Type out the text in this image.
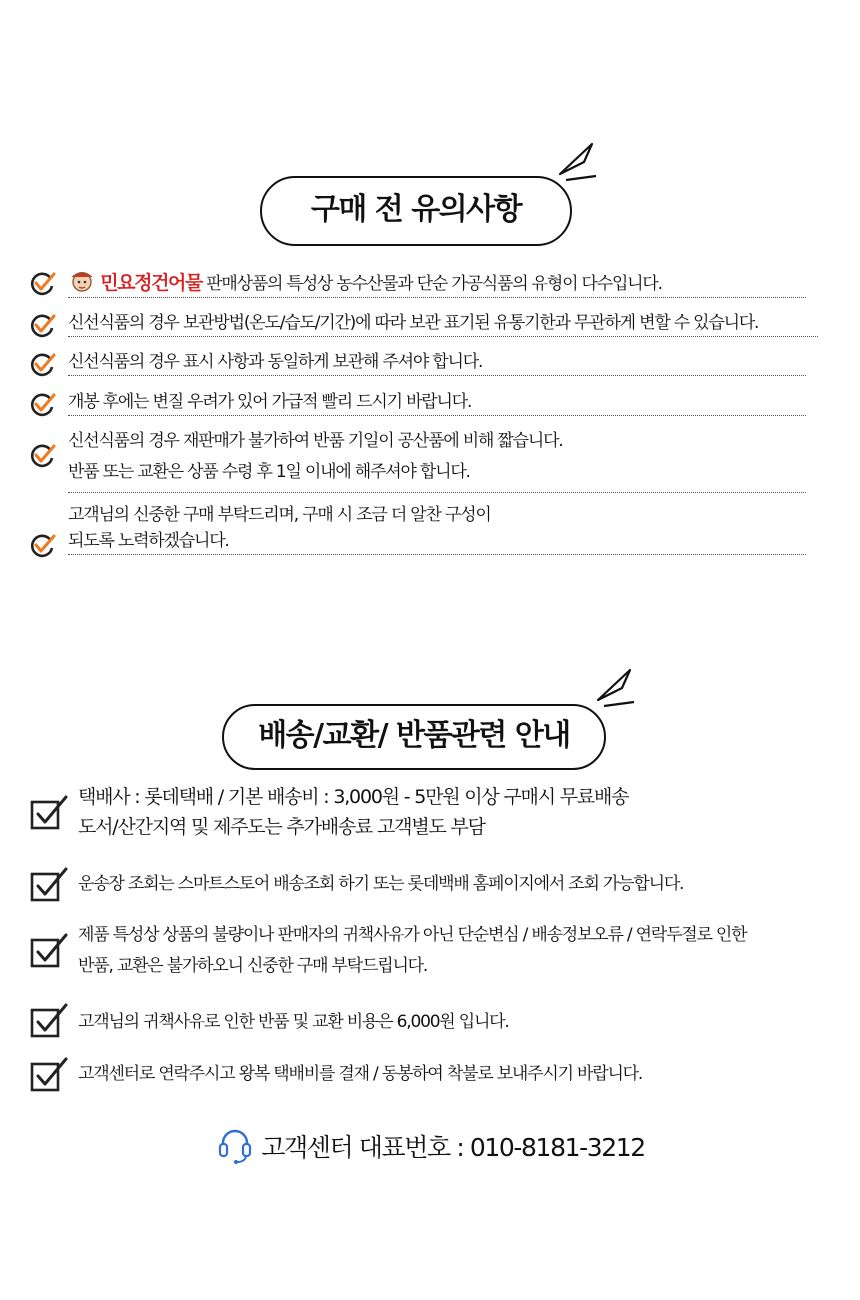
구매 전 유의사항
민요정건어물 판매상품의 특성상 농수산물과 단순 가공식품의 유형이 다수입니다.
신선식품의 경우 보관방법(온도/습도/기간)에 따라 보관 표기된 유통기한과 무관하게 변할 수 있습니다.
신선식품의 경우 표시 사항과 동일하게 보관해 주셔야 합니다.
개봉 후에는 변질 우려가 있어 가급적 빨리 드시기 바랍니다.
신선식품의 경우 재판매가 불가하여 반품 기일이 공산품에 비해 짧습니다.
반품 또는 교환은 상품 수령 후 1일 이내에 해주셔야 합니다.
고객님의 신중한 구매 부탁드리며, 구매 시 조금 더 알찬 구성이
되도록 노력하겠습니다.
배송/교환/ 반품관련 안내
택배사 : 롯데택배 / 기본 배송비 : 3,000원 - 5만원 이상 구매시 무료배송
도서/산간지역 및 제주도는 추가배송료 고객별도 부담
운송장 조회는 스마트스토어 배송조회 하기 또는 롯데백배 홈페이지에서 조회 가능합니다.
제품 특성상 상품의 불량이나 판매자의 귀책사유가 아닌 단순변심 / 배송정보오류 / 연락두절로 인한
반품, 교환은 불가하오니 신중한 구매 부탁드립니다.
고객님의 귀책사유로 인한 반품 및 교환 비용은 6,000원 입니다.
고객센터로 연락주시고 왕복 택배비를 결재 / 동봉하여 착불로 보내주시기 바랍니다.
고객센터 대표번호 : 010-8181-3212
